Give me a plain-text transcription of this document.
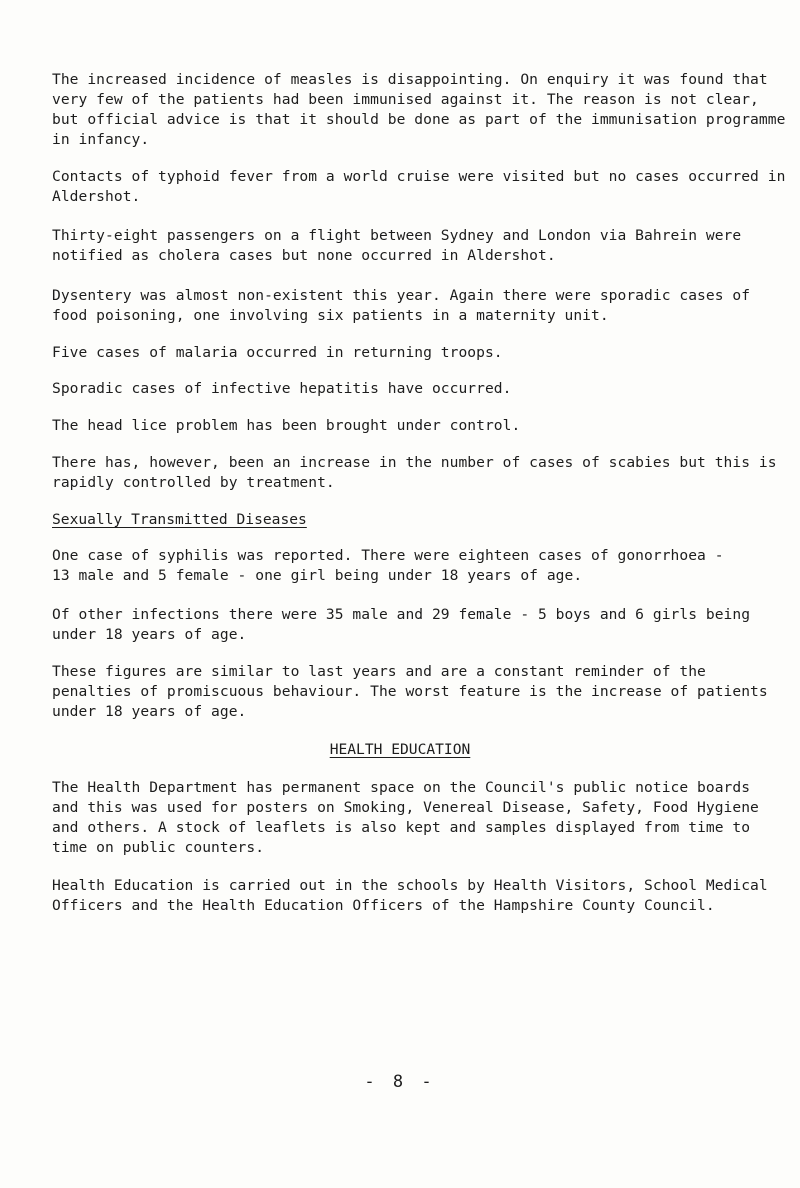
The increased incidence of measles is disappointing. On enquiry it was found that
very few of the patients had been immunised against it. The reason is not clear,
but official advice is that it should be done as part of the immunisation programme
in infancy.

Contacts of typhoid fever from a world cruise were visited but no cases occurred in
Aldershot.

Thirty-eight passengers on a flight between Sydney and London via Bahrein were
notified as cholera cases but none occurred in Aldershot.

Dysentery was almost non-existent this year. Again there were sporadic cases of
food poisoning, one involving six patients in a maternity unit.

Five cases of malaria occurred in returning troops.

Sporadic cases of infective hepatitis have occurred.

The head lice problem has been brought under control.

There has, however, been an increase in the number of cases of scabies but this is
rapidly controlled by treatment.

Sexually Transmitted Diseases

One case of syphilis was reported. There were eighteen cases of gonorrhoea -
13 male and 5 female - one girl being under 18 years of age.

Of other infections there were 35 male and 29 female - 5 boys and 6 girls being
under 18 years of age.

These figures are similar to last years and are a constant reminder of the
penalties of promiscuous behaviour. The worst feature is the increase of patients
under 18 years of age.

HEALTH EDUCATION

The Health Department has permanent space on the Council's public notice boards
and this was used for posters on Smoking, Venereal Disease, Safety, Food Hygiene
and others. A stock of leaflets is also kept and samples displayed from time to
time on public counters.

Health Education is carried out in the schools by Health Visitors, School Medical
Officers and the Health Education Officers of the Hampshire County Council.

- 8 -
